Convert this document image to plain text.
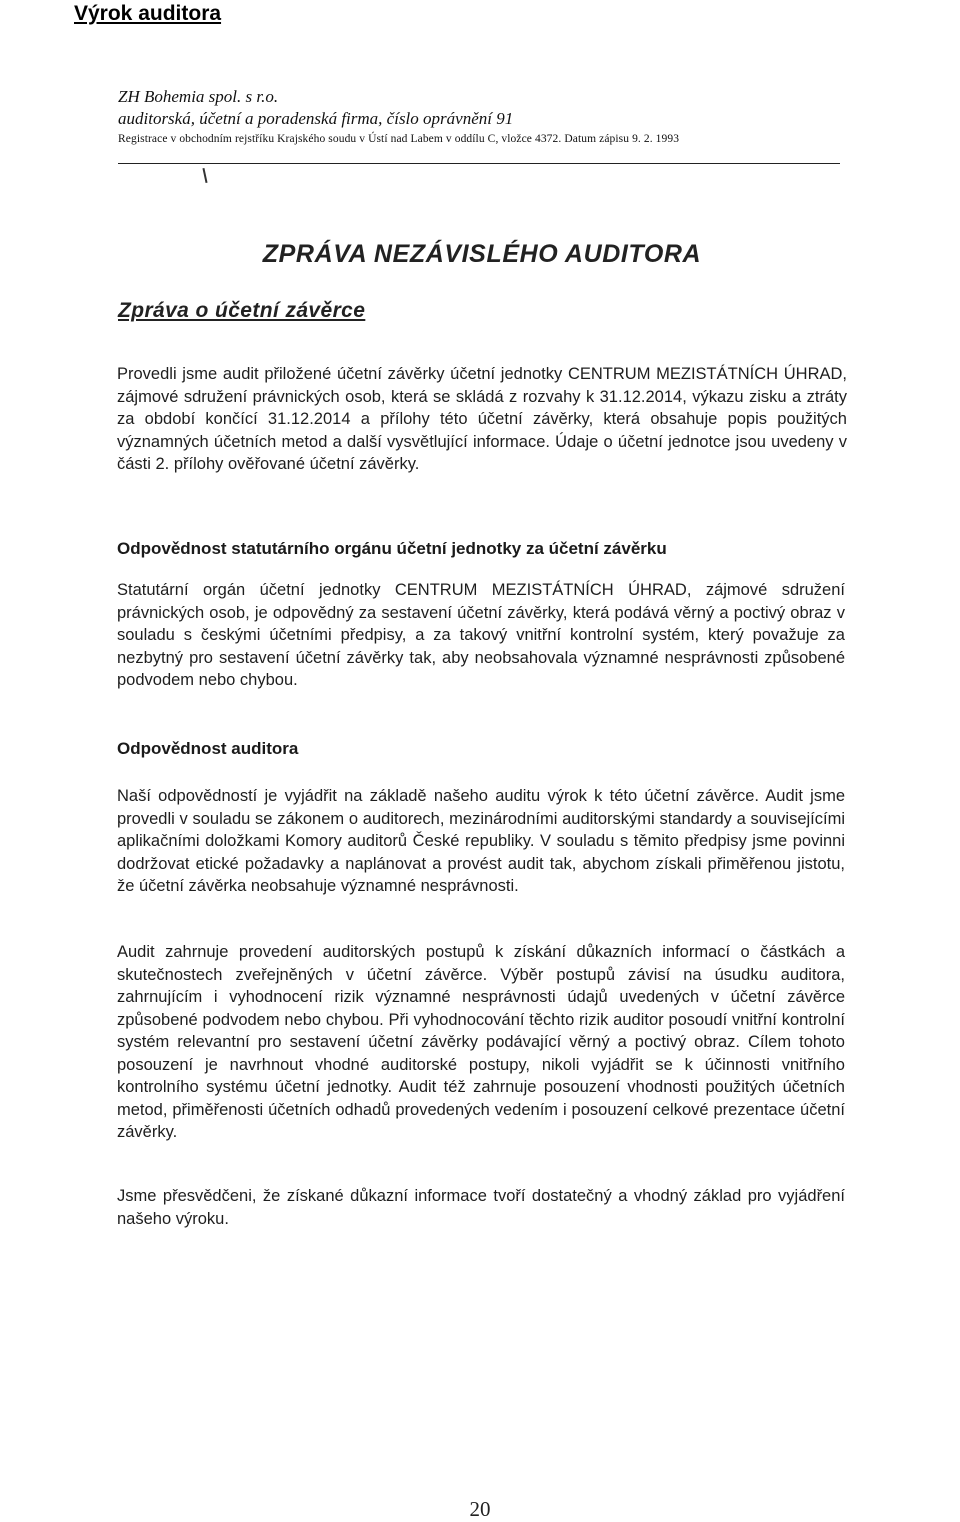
Výrok auditora
ZH Bohemia spol. s r.o.
auditorská, účetní a poradenská firma, číslo oprávnění 91
Registrace v obchodním rejstříku Krajského soudu v Ústí nad Labem v oddílu C, vložce 4372. Datum zápisu 9. 2. 1993
ZPRÁVA NEZÁVISLÉHO AUDITORA
Zpráva o účetní závěrce

Provedli jsme audit přiložené účetní závěrky účetní jednotky CENTRUM MEZISTÁTNÍCH ÚHRAD, zájmové sdružení právnických osob, která se skládá z rozvahy k 31.12.2014, výkazu zisku a ztráty za období končící 31.12.2014 a přílohy této účetní závěrky, která obsahuje popis použitých významných účetních metod a další vysvětlující informace. Údaje o účetní jednotce jsou uvedeny v části 2. přílohy ověřované účetní závěrky.

Odpovědnost statutárního orgánu účetní jednotky za účetní závěrku

Statutární orgán účetní jednotky CENTRUM MEZISTÁTNÍCH ÚHRAD, zájmové sdružení právnických osob, je odpovědný za sestavení účetní závěrky, která podává věrný a poctivý obraz v souladu s českými účetními předpisy, a za takový vnitřní kontrolní systém, který považuje za nezbytný pro sestavení účetní závěrky tak, aby neobsahovala významné nesprávnosti způsobené podvodem nebo chybou.

Odpovědnost auditora

Naší odpovědností je vyjádřit na základě našeho auditu výrok k této účetní závěrce. Audit jsme provedli v souladu se zákonem o auditorech, mezinárodními auditorskými standardy a souvisejícími aplikačními doložkami Komory auditorů České republiky. V souladu s těmito předpisy jsme povinni dodržovat etické požadavky a naplánovat a provést audit tak, abychom získali přiměřenou jistotu, že účetní závěrka neobsahuje významné nesprávnosti.

Audit zahrnuje provedení auditorských postupů k získání důkazních informací o částkách a skutečnostech zveřejněných v účetní závěrce. Výběr postupů závisí na úsudku auditora, zahrnujícím i vyhodnocení rizik významné nesprávnosti údajů uvedených v účetní závěrce způsobené podvodem nebo chybou. Při vyhodnocování těchto rizik auditor posoudí vnitřní kontrolní systém relevantní pro sestavení účetní závěrky podávající věrný a poctivý obraz. Cílem tohoto posouzení je navrhnout vhodné auditorské postupy, nikoli vyjádřit se k účinnosti vnitřního kontrolního systému účetní jednotky. Audit též zahrnuje posouzení vhodnosti použitých účetních metod, přiměřenosti účetních odhadů provedených vedením i posouzení celkové prezentace účetní závěrky.

Jsme přesvědčeni, že získané důkazní informace tvoří dostatečný a vhodný základ pro vyjádření našeho výroku.

20
